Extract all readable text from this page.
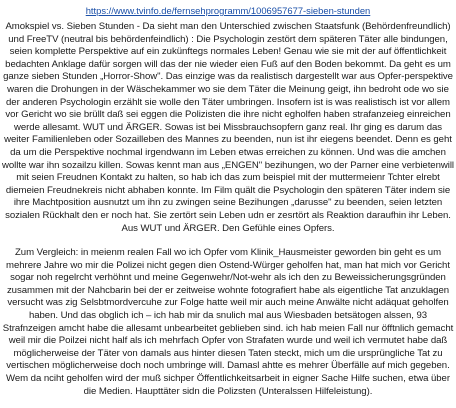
https://www.tvinfo.de/fernsehprogramm/1006957677-sieben-stunden

Amokspiel vs. Sieben Stunden - Da sieht man den Unterschied zwischen Staatsfunk (Behördenfreundlich) und FreeTV (neutral bis behördenfeindlich) : Die Psychologin zestört dem späteren Täter alle bindungen, seien komplette Perspektive auf ein zukünftegs normales Leben! Genau wie sie mit der auf öffentlichkeit bedachten Anklage dafür sorgen will das der nie wieder eien Fuß auf den Boden bekommt. Da geht es um ganze sieben Stunden „Horror-Show". Das einzige was da realistisch dargestellt war aus Opfer-perspektive waren die Drohungen in der Wäschekammer wo sie dem Täter die Meinung geigt, ihn bedroht ode wo sie der anderen Psychologin erzählt sie wolle den Täter umbringen. Insofern ist is was realistisch ist vor allem vor Gericht wo sie brüllt daß sei eggen die Polizisten die ihre nicht egholfen haben strafanzeieg einreichen werde allesamt. WUT und ÄRGER. Sowas ist bei Missbrauchsopfern ganz real. Ihr ging es darum das weiter Familienleben oder Sozailleben des Mannes zu beenden, nun ist ihr eiegens beendet. Denn es geht da um die Perspektive nochmal irgendwann im Leben etwas erreichen zu können. Und was die amchen wollte war ihn sozailzu killen. Sowas kennt man aus „ENGEN" bezihungen, wo der Parner eine verbietenwill mit seien Freudnen Kontakt zu halten, so hab ich das zum beispiel mit der muttermeienr Tchter elrebt diemeien Freudnekreis nicht abhaben konnte. Im Film quält die Psychologin den späteren Täter indem sie ihre Machtposition ausnutzt um ihn zu zwingen seine Bezihungen „darusse" zu beenden, seien letzten sozialen Rückhalt den er noch hat. Sie zertört sein Leben udn er zesrtört als Reaktion daraufhin ihr Leben. Aus WUT und ÄRGER. Den Gefühle eines Opfers.

Zum Vergleich: in meienm realen Fall wo ich Opfer vom Klinik_Hausmeister geworden bin geht es um mehrere Jahre wo mir die Polizei nicht gegen dien Ostend-Würger geholfen hat, man hat mich vor Gericht sogar noh regelrcht verhöhnt und meine Gegenwehr/Not-wehr als ich den zu Beweissicherungsgründen zusammen mit der Nahcbarin bei der er zeitweise wohnte fotografiert habe als eigentliche Tat anzuklagen versucht was zig Selsbtmordvercuhe zur Folge hatte weil mir auch meine Anwälte nicht adäquat geholfen haben. Und das obglich ich – ich hab mir da snulich mal aus Wiesbaden betsätogen alssen, 93 Strafnzeigen amcht habe die allesamt unbearbeitet geblieben sind. ich hab meien Fall nur öfftnlich gemacht weil mir die Poilzei nicht half als ich mehrfach Opfer von Strafaten wurde und weil ich vermutet habe daß möglicherweise der Täter von damals aus hinter diesen Taten steckt, mich um die ursprüngliche Tat zu vertischen möglicherweise doch noch umbringe will. Damasl ahtte es mehrer Überfälle auf mich gegeben. Wem da nciht geholfen wird der muß sichper Öffentlichkeitsarbeit in eigner Sache Hilfe suchen, etwa über die Medien. Haupttäter sidn die Polizsten (Unteralssen Hilfeleistung).
